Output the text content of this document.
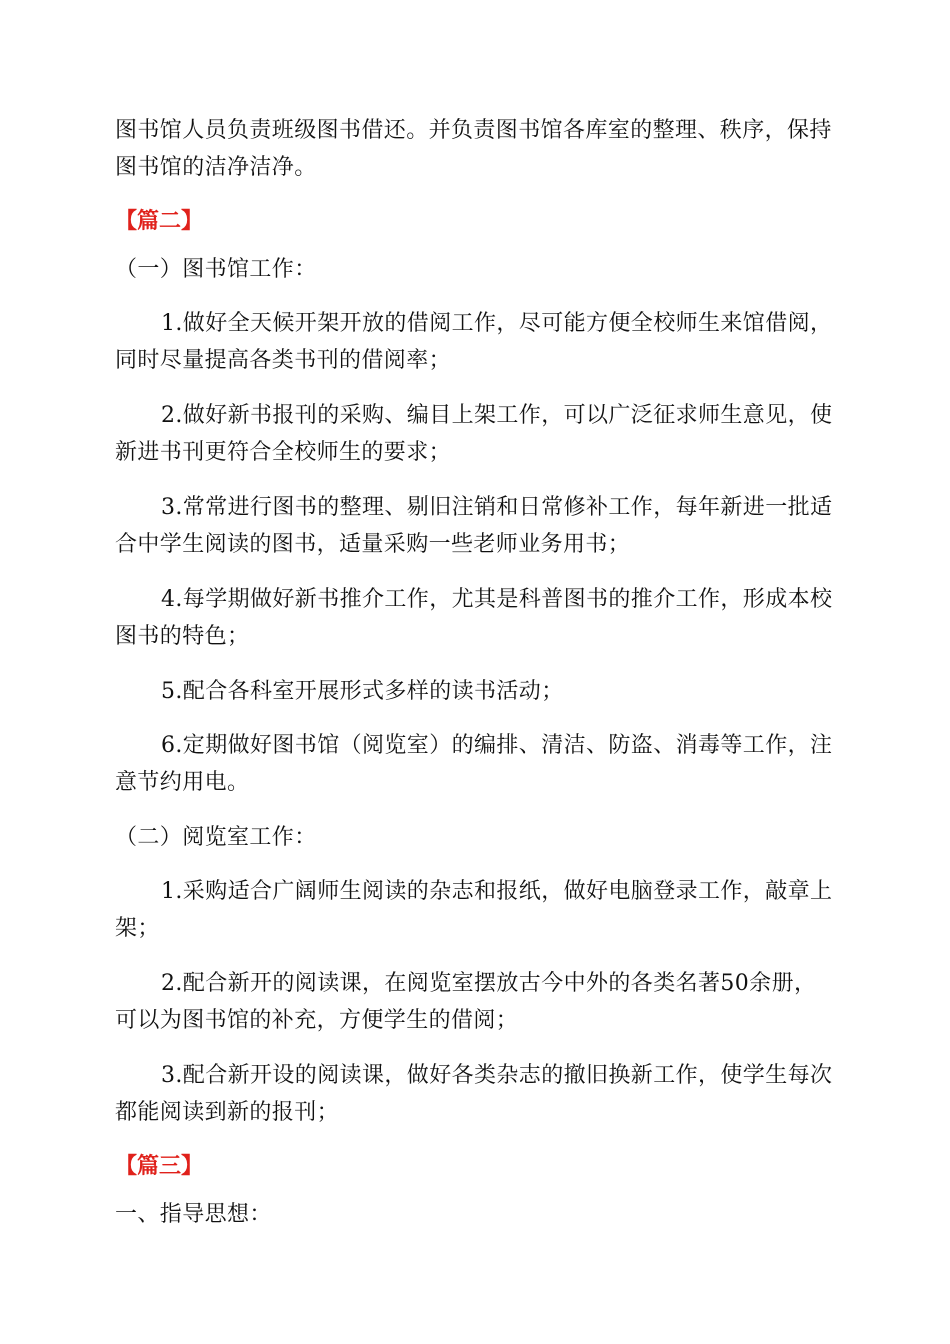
图书馆人员负责班级图书借还。并负责图书馆各库室的整理、秩序，保持图书馆的洁净洁净。

【篇二】

（一）图书馆工作：

1.做好全天候开架开放的借阅工作，尽可能方便全校师生来馆借阅，同时尽量提高各类书刊的借阅率；

2.做好新书报刊的采购、编目上架工作，可以广泛征求师生意见，使新进书刊更符合全校师生的要求；

3.常常进行图书的整理、剔旧注销和日常修补工作，每年新进一批适合中学生阅读的图书，适量采购一些老师业务用书；

4.每学期做好新书推介工作，尤其是科普图书的推介工作，形成本校图书的特色；

5.配合各科室开展形式多样的读书活动；

6.定期做好图书馆（阅览室）的编排、清洁、防盗、消毒等工作，注意节约用电。

（二）阅览室工作：

1.采购适合广阔师生阅读的杂志和报纸，做好电脑登录工作，敲章上架；

2.配合新开的阅读课，在阅览室摆放古今中外的各类名著50余册，可以为图书馆的补充，方便学生的借阅；

3.配合新开设的阅读课，做好各类杂志的撤旧换新工作，使学生每次都能阅读到新的报刊；

【篇三】

一、指导思想：
